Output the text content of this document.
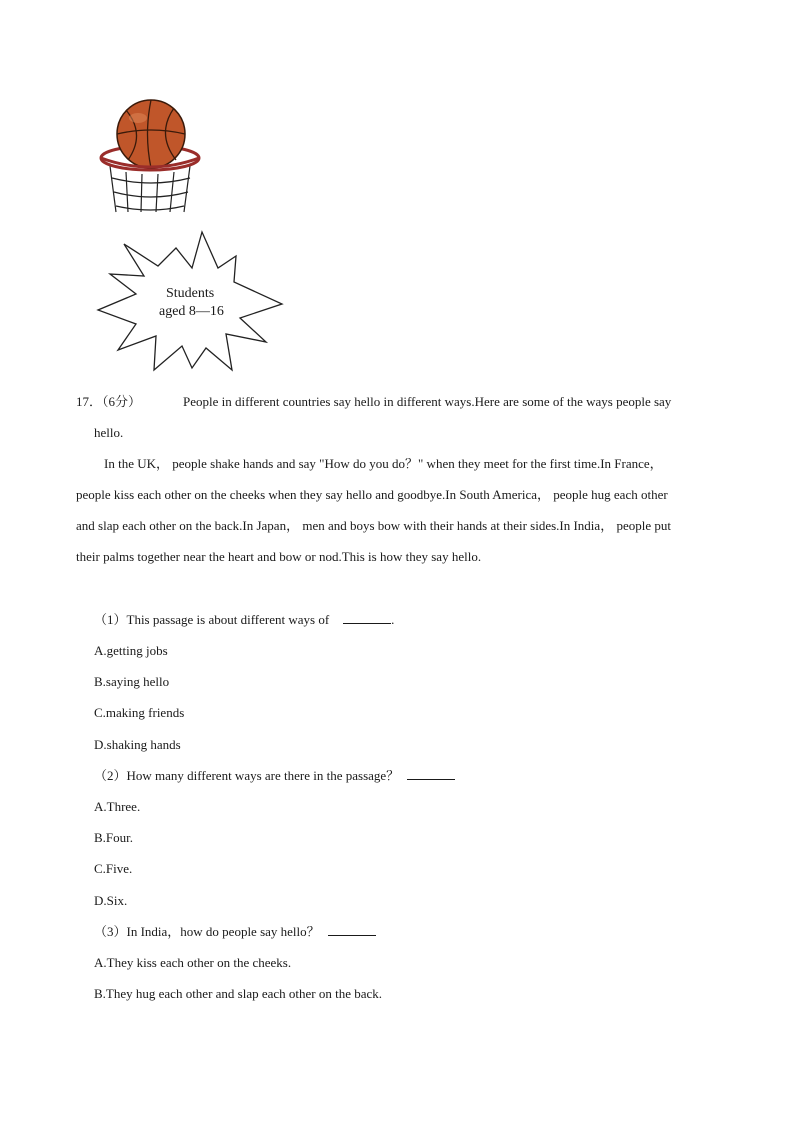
Students
aged 8—16
17．（6分）	People in different countries say hello in different ways.Here are some of the ways people say
hello.
In the UK， people shake hands and say "How do you do？" when they meet for the first time.In France，
people kiss each other on the cheeks when they say hello and goodbye.In South America， people hug each other
and slap each other on the back.In Japan， men and boys bow with their hands at their sides.In India， people put
their palms together near the heart and bow or nod.This is how they say hello.
（1）This passage is about different ways of	.
A.getting jobs
B.saying hello
C.making friends
D.shaking hands
（2）How many different ways are there in the passage？
A.Three.
B.Four.
C.Five.
D.Six.
（3）In India，how do people say hello？
A.They kiss each other on the cheeks.
B.They hug each other and slap each other on the back.
